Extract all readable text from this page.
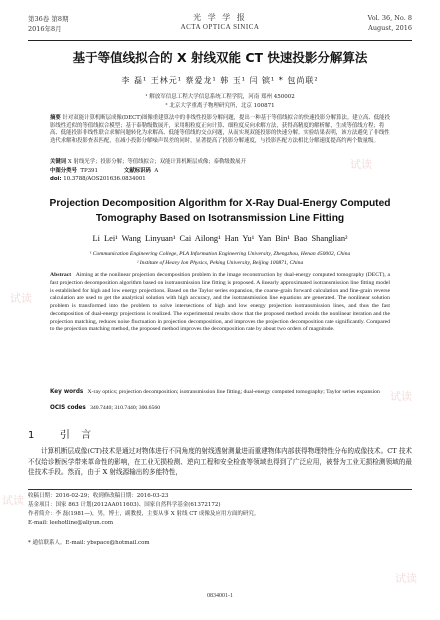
第36卷 第8期
2016年8月
光 学 学 报
ACTA OPTICA SINICA
Vol. 36, No. 8
August, 2016
基于等值线拟合的 X 射线双能 CT 快速投影分解算法
李 磊¹ 王林元¹ 蔡爱龙¹ 韩 玉¹ 闫 镔¹ * 包尚联²
¹ 解放军信息工程大学信息系统工程学院，河南 郑州 450002
² 北京大学重离子物理研究所，北京 100871
摘要 针对双能计算机断层成像(DECT)图像重建算法中的非线性投影分解问题，提出一种基于等值线拟合的快速投影分解算法。建立高、低能投影线性近似的等值线拟合模型；基于泰勒级数展开，采用粗粒度正向计算、细粒度反向求解方法，获得高精度的解析解，生成等值线方程；将高、低能投影非线性联合求解问题转化为求解高、低能等值线的交点问题，从而实现双能投影的快速分解。实验结果表明，该方法避免了非线性迭代求解和投影查表匹配，在减小投影分解噪声误差的同时，显著提高了投影分解速度，与投影匹配方法相比分解速度提高约两个数量级。
关键词 X 射线光学；投影分解；等值线拟合；双能计算机断层成像；泰勒级数展开
中图分类号 TP391	文献标识码 A
doi: 10.3788/AOS201636.0834001
Projection Decomposition Algorithm for X-Ray Dual-Energy Computed Tomography Based on Isotransmission Line Fitting
Li Lei¹ Wang Linyuan¹ Cai Ailong¹ Han Yu¹ Yan Bin¹ Bao Shanglian²
¹ Communication Engineering College, PLA Information Engineering University, Zhengzhou, Henan 450002, China
² Institute of Heavy Ion Physics, Peking University, Beijing 100871, China
Abstract Aiming at the nonlinear projection decomposition problem in the image reconstruction by dual-energy computed tomography (DECT), a fast projection decomposition algorithm based on isotransmission line fitting is proposed. A linearly approximated isotransmission line fitting model is established for high and low energy projections. Based on the Taylor series expansion, the coarse-grain forward calculation and fine-grain reverse calculation are used to get the analytical solution with high accuracy, and the isotransmission line equations are generated. The nonlinear solution problem is transformed into the problem to solve intersections of high and low energy projection isotransmission lines, and thus the fast decomposition of dual-energy projections is realized. The experimental results show that the proposed method avoids the nonlinear iteration and the projection matching, reduces noise fluctuation in projection decomposition, and improves the projection decomposition rate significantly. Compared to the projection matching method, the proposed method improves the decomposition rate by about two orders of magnitude.
Key words X-ray optics; projection decomposition; isotransmission line fitting; dual-energy computed tomography; Taylor series expansion
OCIS codes 340.7440; 310.7440; 300.6560
1 引 言
计算机断层成像(CT)技术是通过对物体进行不同角度的射线透射测量进而重建物体内部获得物理特性分布的成像技术。CT 技术不仅给诊断医学带来革命性的影响，在工业无损检测、逆向工程和安全检查等领域也得到了广泛应用，被誉为工业无损检测领域的最佳技术手段。然而，由于 X 射线源输出的多能特性，
收稿日期：2016-02-29；收到修改稿日期：2016-03-23
基金项目：国家 863 计划(2012AA011603)、国家自然科学基金(61372172)
作者简介：李 磊(1981—)，男，博士，副教授，主要从事 X 射线 CT 成像及应用方面的研究。
E-mail: leehotline@aliyun.com
* 通信联系人。E-mail: ybspace@hotmail.com
0834001-1
试读
试读
试读
试读
试读
